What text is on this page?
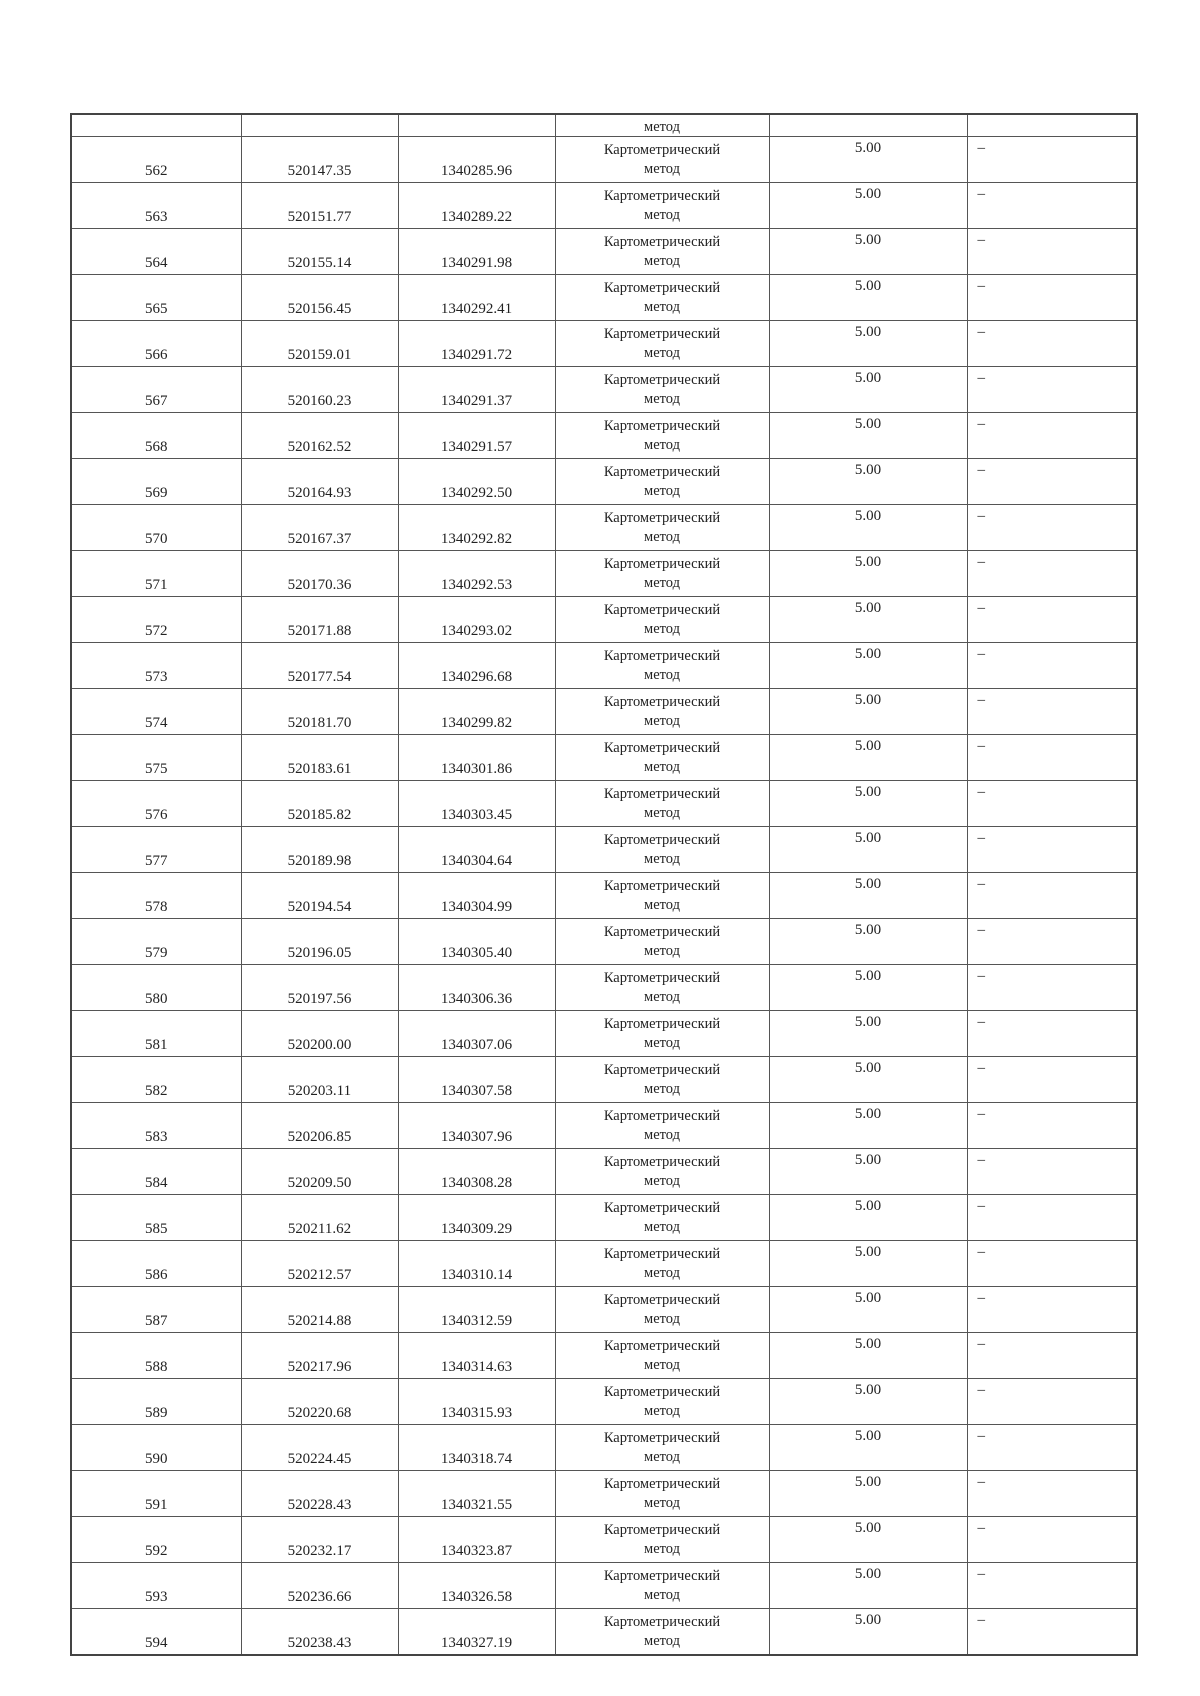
			метод		

562	520147.35	1340285.96	Картометрический
метод	5.00	–
563	520151.77	1340289.22	Картометрический
метод	5.00	–
564	520155.14	1340291.98	Картометрический
метод	5.00	–
565	520156.45	1340292.41	Картометрический
метод	5.00	–
566	520159.01	1340291.72	Картометрический
метод	5.00	–
567	520160.23	1340291.37	Картометрический
метод	5.00	–
568	520162.52	1340291.57	Картометрический
метод	5.00	–
569	520164.93	1340292.50	Картометрический
метод	5.00	–
570	520167.37	1340292.82	Картометрический
метод	5.00	–
571	520170.36	1340292.53	Картометрический
метод	5.00	–
572	520171.88	1340293.02	Картометрический
метод	5.00	–
573	520177.54	1340296.68	Картометрический
метод	5.00	–
574	520181.70	1340299.82	Картометрический
метод	5.00	–
575	520183.61	1340301.86	Картометрический
метод	5.00	–
576	520185.82	1340303.45	Картометрический
метод	5.00	–
577	520189.98	1340304.64	Картометрический
метод	5.00	–
578	520194.54	1340304.99	Картометрический
метод	5.00	–
579	520196.05	1340305.40	Картометрический
метод	5.00	–
580	520197.56	1340306.36	Картометрический
метод	5.00	–
581	520200.00	1340307.06	Картометрический
метод	5.00	–
582	520203.11	1340307.58	Картометрический
метод	5.00	–
583	520206.85	1340307.96	Картометрический
метод	5.00	–
584	520209.50	1340308.28	Картометрический
метод	5.00	–
585	520211.62	1340309.29	Картометрический
метод	5.00	–
586	520212.57	1340310.14	Картометрический
метод	5.00	–
587	520214.88	1340312.59	Картометрический
метод	5.00	–
588	520217.96	1340314.63	Картометрический
метод	5.00	–
589	520220.68	1340315.93	Картометрический
метод	5.00	–
590	520224.45	1340318.74	Картометрический
метод	5.00	–
591	520228.43	1340321.55	Картометрический
метод	5.00	–
592	520232.17	1340323.87	Картометрический
метод	5.00	–
593	520236.66	1340326.58	Картометрический
метод	5.00	–
594	520238.43	1340327.19	Картометрический
метод	5.00	–
